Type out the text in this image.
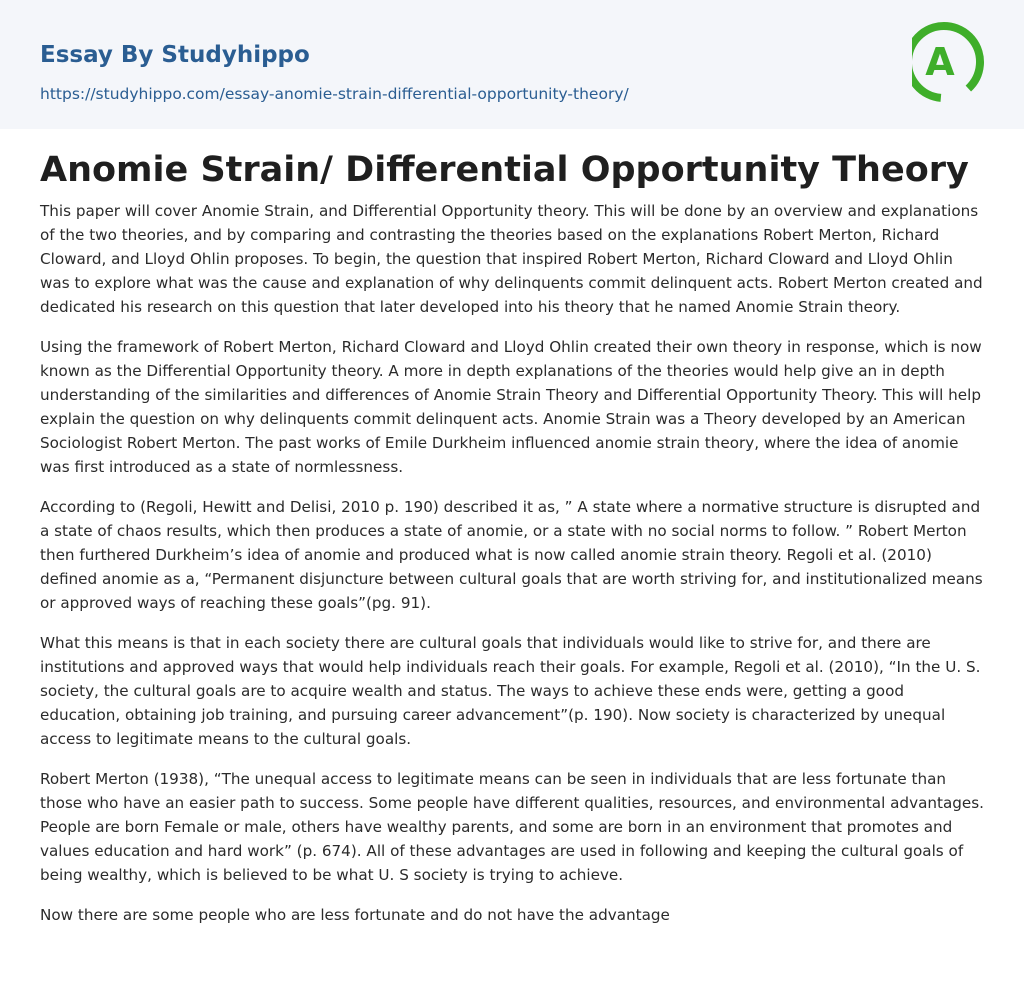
Essay By Studyhippo
https://studyhippo.com/essay-anomie-strain-differential-opportunity-theory/
A
Anomie Strain/ Differential Opportunity Theory

This paper will cover Anomie Strain, and Differential Opportunity theory. This will be done by an overview and explanations of the two theories, and by comparing and contrasting the theories based on the explanations Robert Merton, Richard Cloward, and Lloyd Ohlin proposes. To begin, the question that inspired Robert Merton, Richard Cloward and Lloyd Ohlin was to explore what was the cause and explanation of why delinquents commit delinquent acts. Robert Merton created and dedicated his research on this question that later developed into his theory that he named Anomie Strain theory.

Using the framework of Robert Merton, Richard Cloward and Lloyd Ohlin created their own theory in response, which is now known as the Differential Opportunity theory. A more in depth explanations of the theories would help give an in depth understanding of the similarities and differences of Anomie Strain Theory and Differential Opportunity Theory. This will help explain the question on why delinquents commit delinquent acts. Anomie Strain was a Theory developed by an American Sociologist Robert Merton. The past works of Emile Durkheim influenced anomie strain theory, where the idea of anomie was first introduced as a state of normlessness.

According to (Regoli, Hewitt and Delisi, 2010 p. 190) described it as, ” A state where a normative structure is disrupted and a state of chaos results, which then produces a state of anomie, or a state with no social norms to follow. ” Robert Merton then furthered Durkheim’s idea of anomie and produced what is now called anomie strain theory. Regoli et al. (2010) defined anomie as a, “Permanent disjuncture between cultural goals that are worth striving for, and institutionalized means or approved ways of reaching these goals”(pg. 91).

What this means is that in each society there are cultural goals that individuals would like to strive for, and there are institutions and approved ways that would help individuals reach their goals. For example, Regoli et al. (2010), “In the U. S. society, the cultural goals are to acquire wealth and status. The ways to achieve these ends were, getting a good education, obtaining job training, and pursuing career advancement”(p. 190). Now society is characterized by unequal access to legitimate means to the cultural goals.

Robert Merton (1938), “The unequal access to legitimate means can be seen in individuals that are less fortunate than those who have an easier path to success. Some people have different qualities, resources, and environmental advantages. People are born Female or male, others have wealthy parents, and some are born in an environment that promotes and values education and hard work” (p. 674). All of these advantages are used in following and keeping the cultural goals of being wealthy, which is believed to be what U. S society is trying to achieve.

Now there are some people who are less fortunate and do not have the advantage
